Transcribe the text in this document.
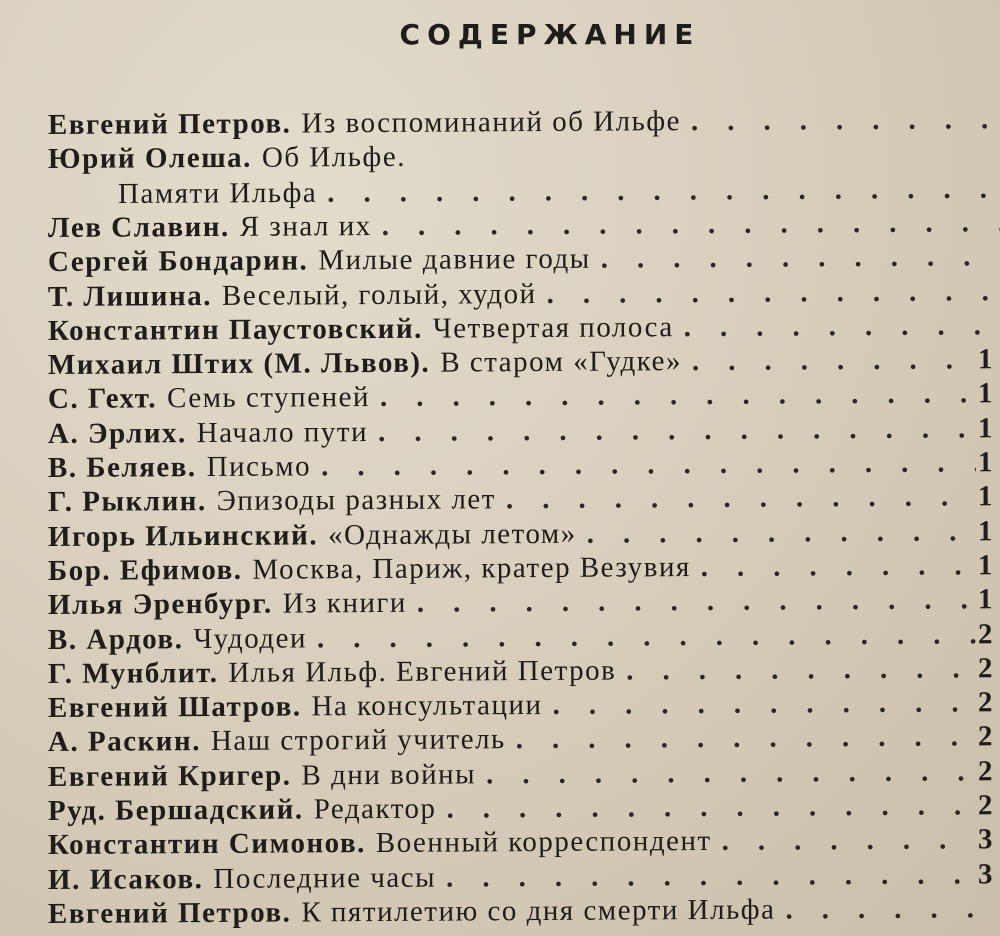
СОДЕРЖАНИЕ
Евгений Петров. Из воспоминаний об Ильфе
.
Юрий Олеша. Об Ильфе.
Памяти Ильфа
.
Лев Славин. Я знал их
.
Сергей Бондарин. Милые давние годы
.
Т. Лишина. Веселый, голый, худой
.
Константин Паустовский. Четвертая полоса
.
Михаил Штих (М. Львов). В старом «Гудке» .	1
С. Гехт. Семь ступеней .	1
А. Эрлих. Начало пути .	1
В. Беляев. Письмо .	1
Г. Рыклин. Эпизоды разных лет .	1
Игорь Ильинский. «Однажды летом» .	1
Бор. Ефимов. Москва, Париж, кратер Везувия .	1
Илья Эренбург. Из книги .	1
В. Ардов. Чудодеи .	2
Г. Мунблит. Илья Ильф. Евгений Петров .	2
Евгений Шатров. На консультации .	2
А. Раскин. Наш строгий учитель .	2
Евгений Кригер. В дни войны .	2
Руд. Бершадский. Редактор .	2
Константин Симонов. Военный корреспондент .	3
И. Исаков. Последние часы .	3
Евгений Петров. К пятилетию со дня смерти Ильфа
.
